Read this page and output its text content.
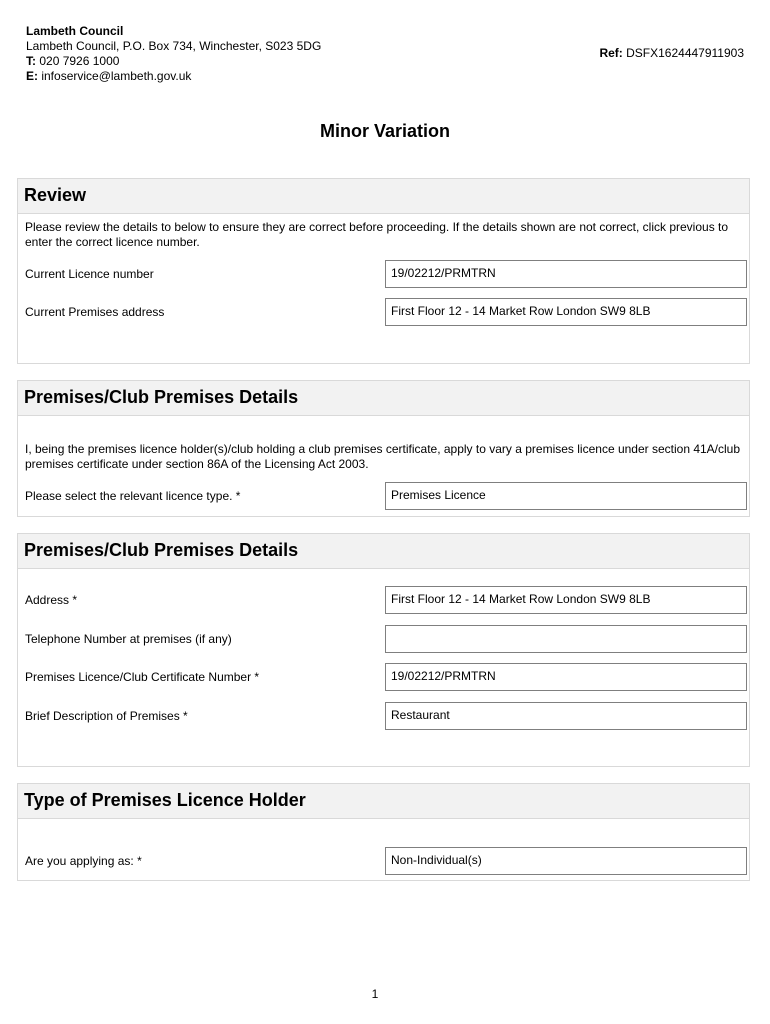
Lambeth Council
Lambeth Council, P.O. Box 734, Winchester, S023 5DG
T: 020 7926 1000
E: infoservice@lambeth.gov.uk
Ref: DSFX1624447911903
Minor Variation
Review
Please review the details to below to ensure they are correct before proceeding. If the details shown are not correct, click previous to enter the correct licence number.
Current Licence number	19/02212/PRMTRN
Current Premises address	First Floor 12 - 14 Market Row London SW9 8LB
Premises/Club Premises Details
I, being the premises licence holder(s)/club holding a club premises certificate, apply to vary a premises licence under section 41A/club premises certificate under section 86A of the Licensing Act 2003.
Please select the relevant licence type. *	Premises Licence
Premises/Club Premises Details
Address *	First Floor 12 - 14 Market Row London SW9 8LB
Telephone Number at premises (if any)
Premises Licence/Club Certificate Number *	19/02212/PRMTRN
Brief Description of Premises *	Restaurant
Type of Premises Licence Holder
Are you applying as: *	Non-Individual(s)
1
